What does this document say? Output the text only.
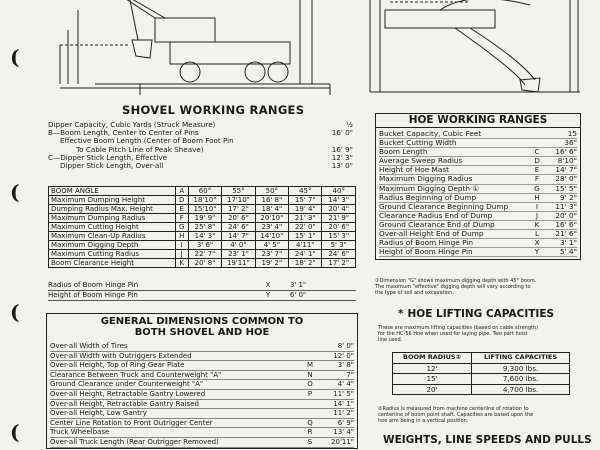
(
(
(
(
SHOVEL WORKING RANGES
Dipper Capacity, Cubic Yards (Struck Measure)	½
B—Boom Length, Center to Center of Pins	16' 0"
Effective Boom Length (Center of Boom Foot Pin
To Cable Pitch Line of Peak Sheave)	16' 9"
C—Dipper Stick Length, Effective	12' 3"
Dipper Stick Length, Over-all	13' 0"
BOOM ANGLE	A	60°	55°	50°	45°	40°
Maximum Dumping Height	D	18'10"	17'10"	16' 8"	15' 7"	14' 3"
Dumping Radius Max. Height	E	15'10"	17' 2"	18' 4"	19' 4"	20' 4"
Maximum Dumping Radius	F	19' 9"	20' 6"	20'10"	21' 3"	21' 9"
Maximum Cutting Height	G	25' 8"	24' 6"	23' 4"	22' 0"	20' 6"
Maximum Clean-Up Radius	H	14' 3"	14' 7"	14'10"	15' 1"	15' 3"
Maximum Digging Depth	I	3' 6"	4' 0"	4' 5"	4'11"	5' 3"
Maximum Cutting Radius	J	22' 7"	23' 1"	23' 7"	24' 1"	24' 6"
Boom Clearance Height	K	20' 8"	19'11"	19' 2"	18' 2"	17' 2"
Radius of Boom Hinge Pin	X	3' 1"
Height of Boom Hinge Pin	Y	6' 0"
GENERAL DIMENSIONS COMMON TO
BOTH SHOVEL AND HOE
Over-all Width of Tires	8' 0"
Over-all Width with Outriggers Extended	12' 0"
Over-all Height, Top of Ring Gear Plate	M	3' 8"
Clearance Between Truck and Counterweight "A"	N	7"
Ground Clearance under Counterweight "A"	O	4' 4"
Over-all Height, Retractable Gantry Lowered	P	11' 5"
Over-all Height, Retractable Gantry Raised	14' 1"
Over-all Height, Low Gantry	11' 2"
Center Line Rotation to Front Outrigger Center	Q	6' 9"
Truck Wheelbase	R	13' 4"
Over-all Truck Length (Rear Outrigger Removed)	S	20'11"
HOE WORKING RANGES
Bucket Capacity, Cubic Feet	15
Bucket Cutting Width	36"
Boom Length	C	16' 6"
Average Sweep Radius	D	8'10"
Height of Hoe Mast	E	14' 7"
Maximum Digging Radius	F	28' 0"
Maximum Digging Depth ①	G	15' 5"
Radius Beginning of Dump	H	9' 2"
Ground Clearance Beginning Dump	I	11' 3"
Clearance Radius End of Dump	J	20' 0"
Ground Clearance End of Dump	K	16' 6"
Over-all Height End of Dump	L	21' 6"
Radius of Boom Hinge Pin	X	3' 1"
Height of Boom Hinge Pin	Y	5' 4"
①Dimension "G" shows maximum digging depth with 45° boom.
The maximum "effective" digging depth will vary according to
the type of soil and excavation.
* HOE LIFTING CAPACITIES
These are maximum lifting capacities (based on cable strength)
for the HC-56 Hoe when used for laying pipe. Two part hoist
line used.
BOOM RADIUS②	LIFTING CAPACITIES
12'	9,300 lbs.
15'	7,600 lbs.
20'	4,700 lbs.
②Radius is measured from machine centerline of rotation to
centerline of boom point shaft. Capacities are based upon the
hoe arm being in a vertical position.
WEIGHTS, LINE SPEEDS AND PULLS
